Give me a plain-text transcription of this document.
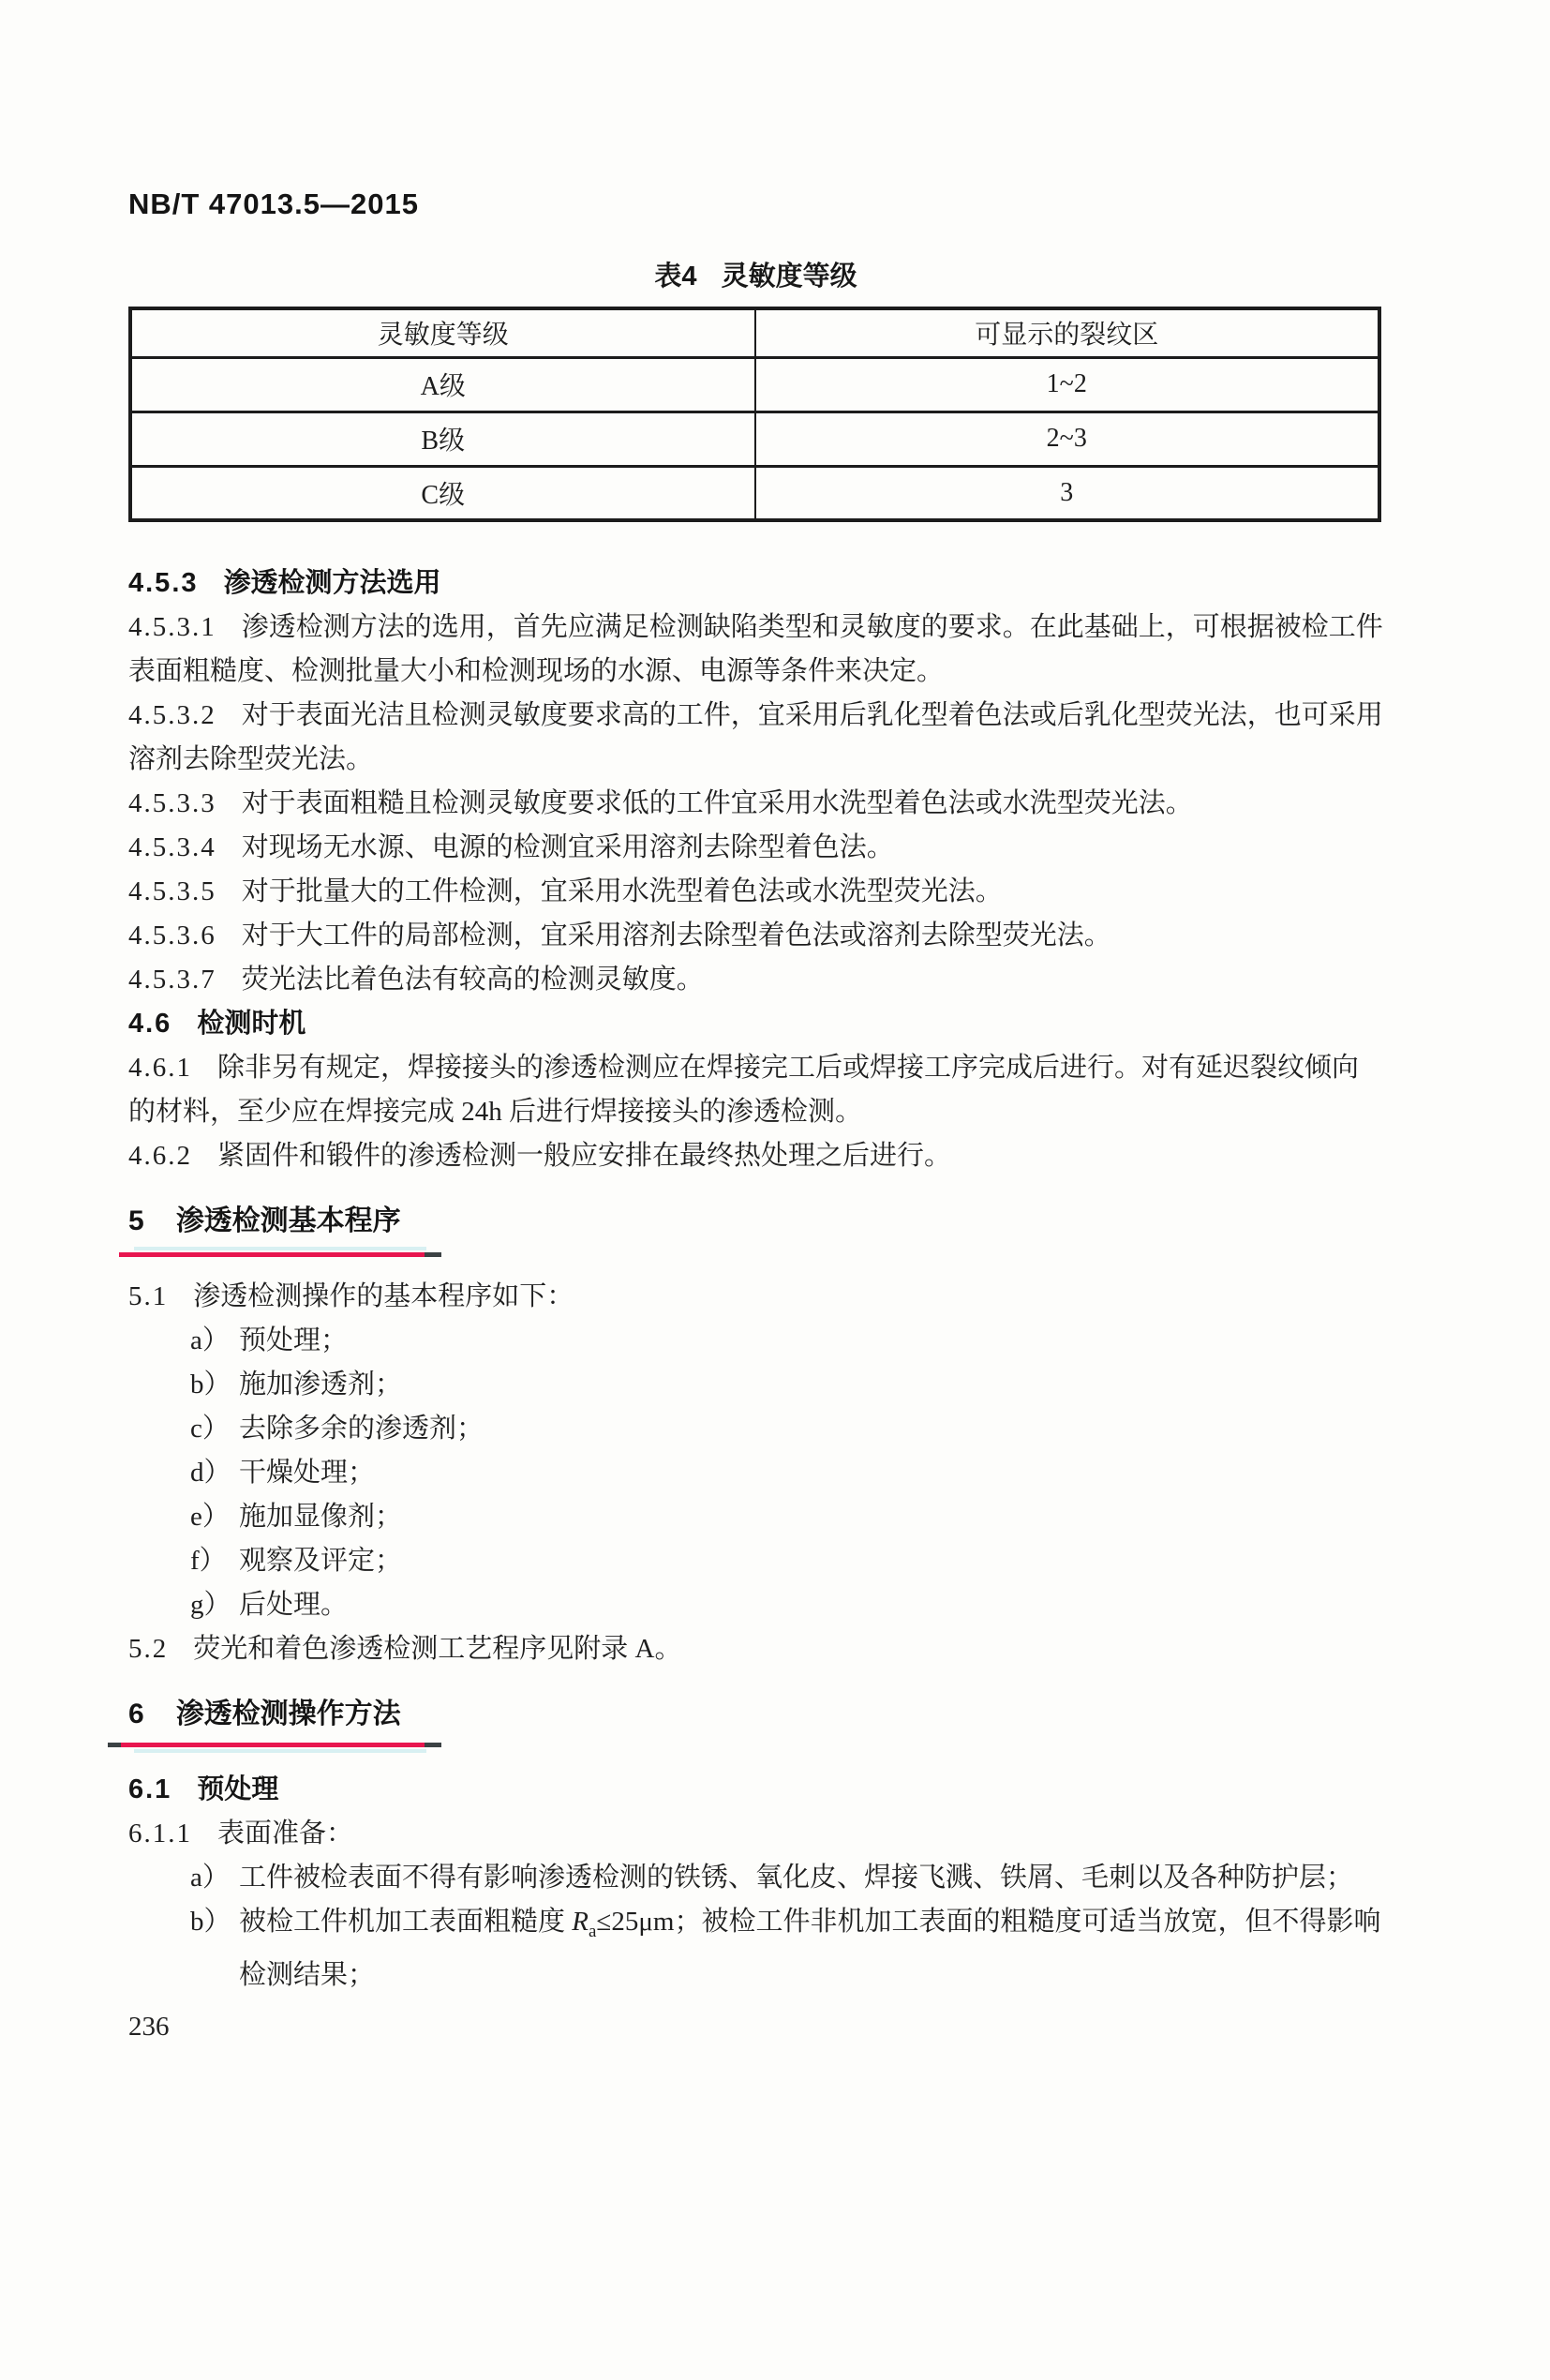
NB/T 47013.5—2015
表4 灵敏度等级
灵敏度等级	可显示的裂纹区
A级	1~2
B级	2~3
C级	3

4.5.3 渗透检测方法选用

4.5.3.1 渗透检测方法的选用，首先应满足检测缺陷类型和灵敏度的要求。在此基础上，可根据被检工件表面粗糙度、检测批量大小和检测现场的水源、电源等条件来决定。

4.5.3.2 对于表面光洁且检测灵敏度要求高的工件，宜采用后乳化型着色法或后乳化型荧光法，也可采用溶剂去除型荧光法。

4.5.3.3 对于表面粗糙且检测灵敏度要求低的工件宜采用水洗型着色法或水洗型荧光法。

4.5.3.4 对现场无水源、电源的检测宜采用溶剂去除型着色法。

4.5.3.5 对于批量大的工件检测，宜采用水洗型着色法或水洗型荧光法。

4.5.3.6 对于大工件的局部检测，宜采用溶剂去除型着色法或溶剂去除型荧光法。

4.5.3.7 荧光法比着色法有较高的检测灵敏度。

4.6 检测时机

4.6.1 除非另有规定，焊接接头的渗透检测应在焊接完工后或焊接工序完成后进行。对有延迟裂纹倾向的材料，至少应在焊接完成 24h 后进行焊接接头的渗透检测。

4.6.2 紧固件和锻件的渗透检测一般应安排在最终热处理之后进行。

5 渗透检测基本程序

5.1 渗透检测操作的基本程序如下：

a） 预处理；
b） 施加渗透剂；
c） 去除多余的渗透剂；
d） 干燥处理；
e） 施加显像剂；
f） 观察及评定；
g） 后处理。

5.2 荧光和着色渗透检测工艺程序见附录 A。

6 渗透检测操作方法

6.1 预处理

6.1.1 表面准备：

a） 工件被检表面不得有影响渗透检测的铁锈、氧化皮、焊接飞溅、铁屑、毛刺以及各种防护层；
b） 被检工件机加工表面粗糙度 $R_a\le 25\mu m$；被检工件非机加工表面的粗糙度可适当放宽，但不得影响检测结果；
236
